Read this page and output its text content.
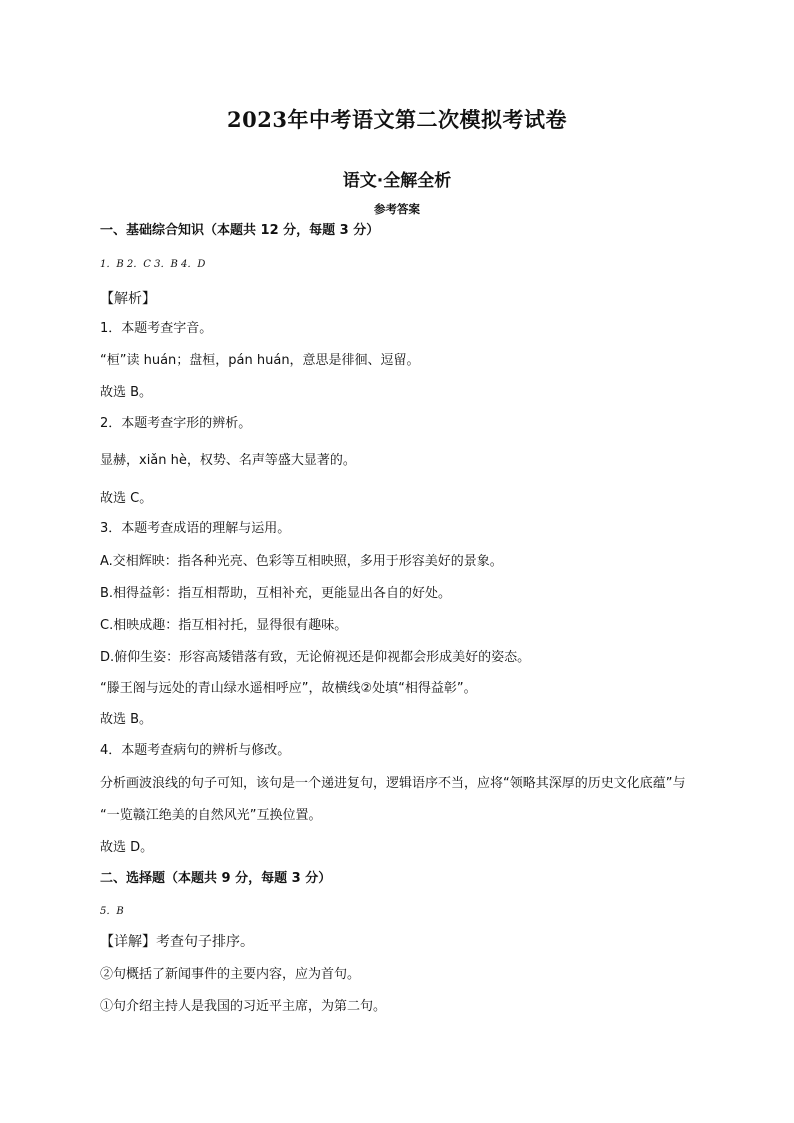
2023年中考语文第二次模拟考试卷
语文·全解全析
参考答案
一、基础综合知识（本题共 12 分，每题 3 分）
1．B 2．C 3．B 4．D
【解析】
1．本题考查字音。
“桓”读 huán；盘桓，pán huán，意思是徘徊、逗留。
故选 B。
2．本题考查字形的辨析。
显赫，xiǎn hè，权势、名声等盛大显著的。
故选 C。
3．本题考查成语的理解与运用。
A.交相辉映：指各种光亮、色彩等互相映照，多用于形容美好的景象。
B.相得益彰：指互相帮助，互相补充，更能显出各自的好处。
C.相映成趣：指互相衬托，显得很有趣味。
D.俯仰生姿：形容高矮错落有致，无论俯视还是仰视都会形成美好的姿态。
“滕王阁与远处的青山绿水遥相呼应”，故横线②处填“相得益彰”。
故选 B。
4．本题考查病句的辨析与修改。
分析画波浪线的句子可知，该句是一个递进复句，逻辑语序不当，应将“领略其深厚的历史文化底蕴”与
“一览赣江绝美的自然风光”互换位置。
故选 D。
二、选择题（本题共 9 分，每题 3 分）
5．B
【详解】考查句子排序。
②句概括了新闻事件的主要内容，应为首句。
①句介绍主持人是我国的习近平主席，为第二句。
